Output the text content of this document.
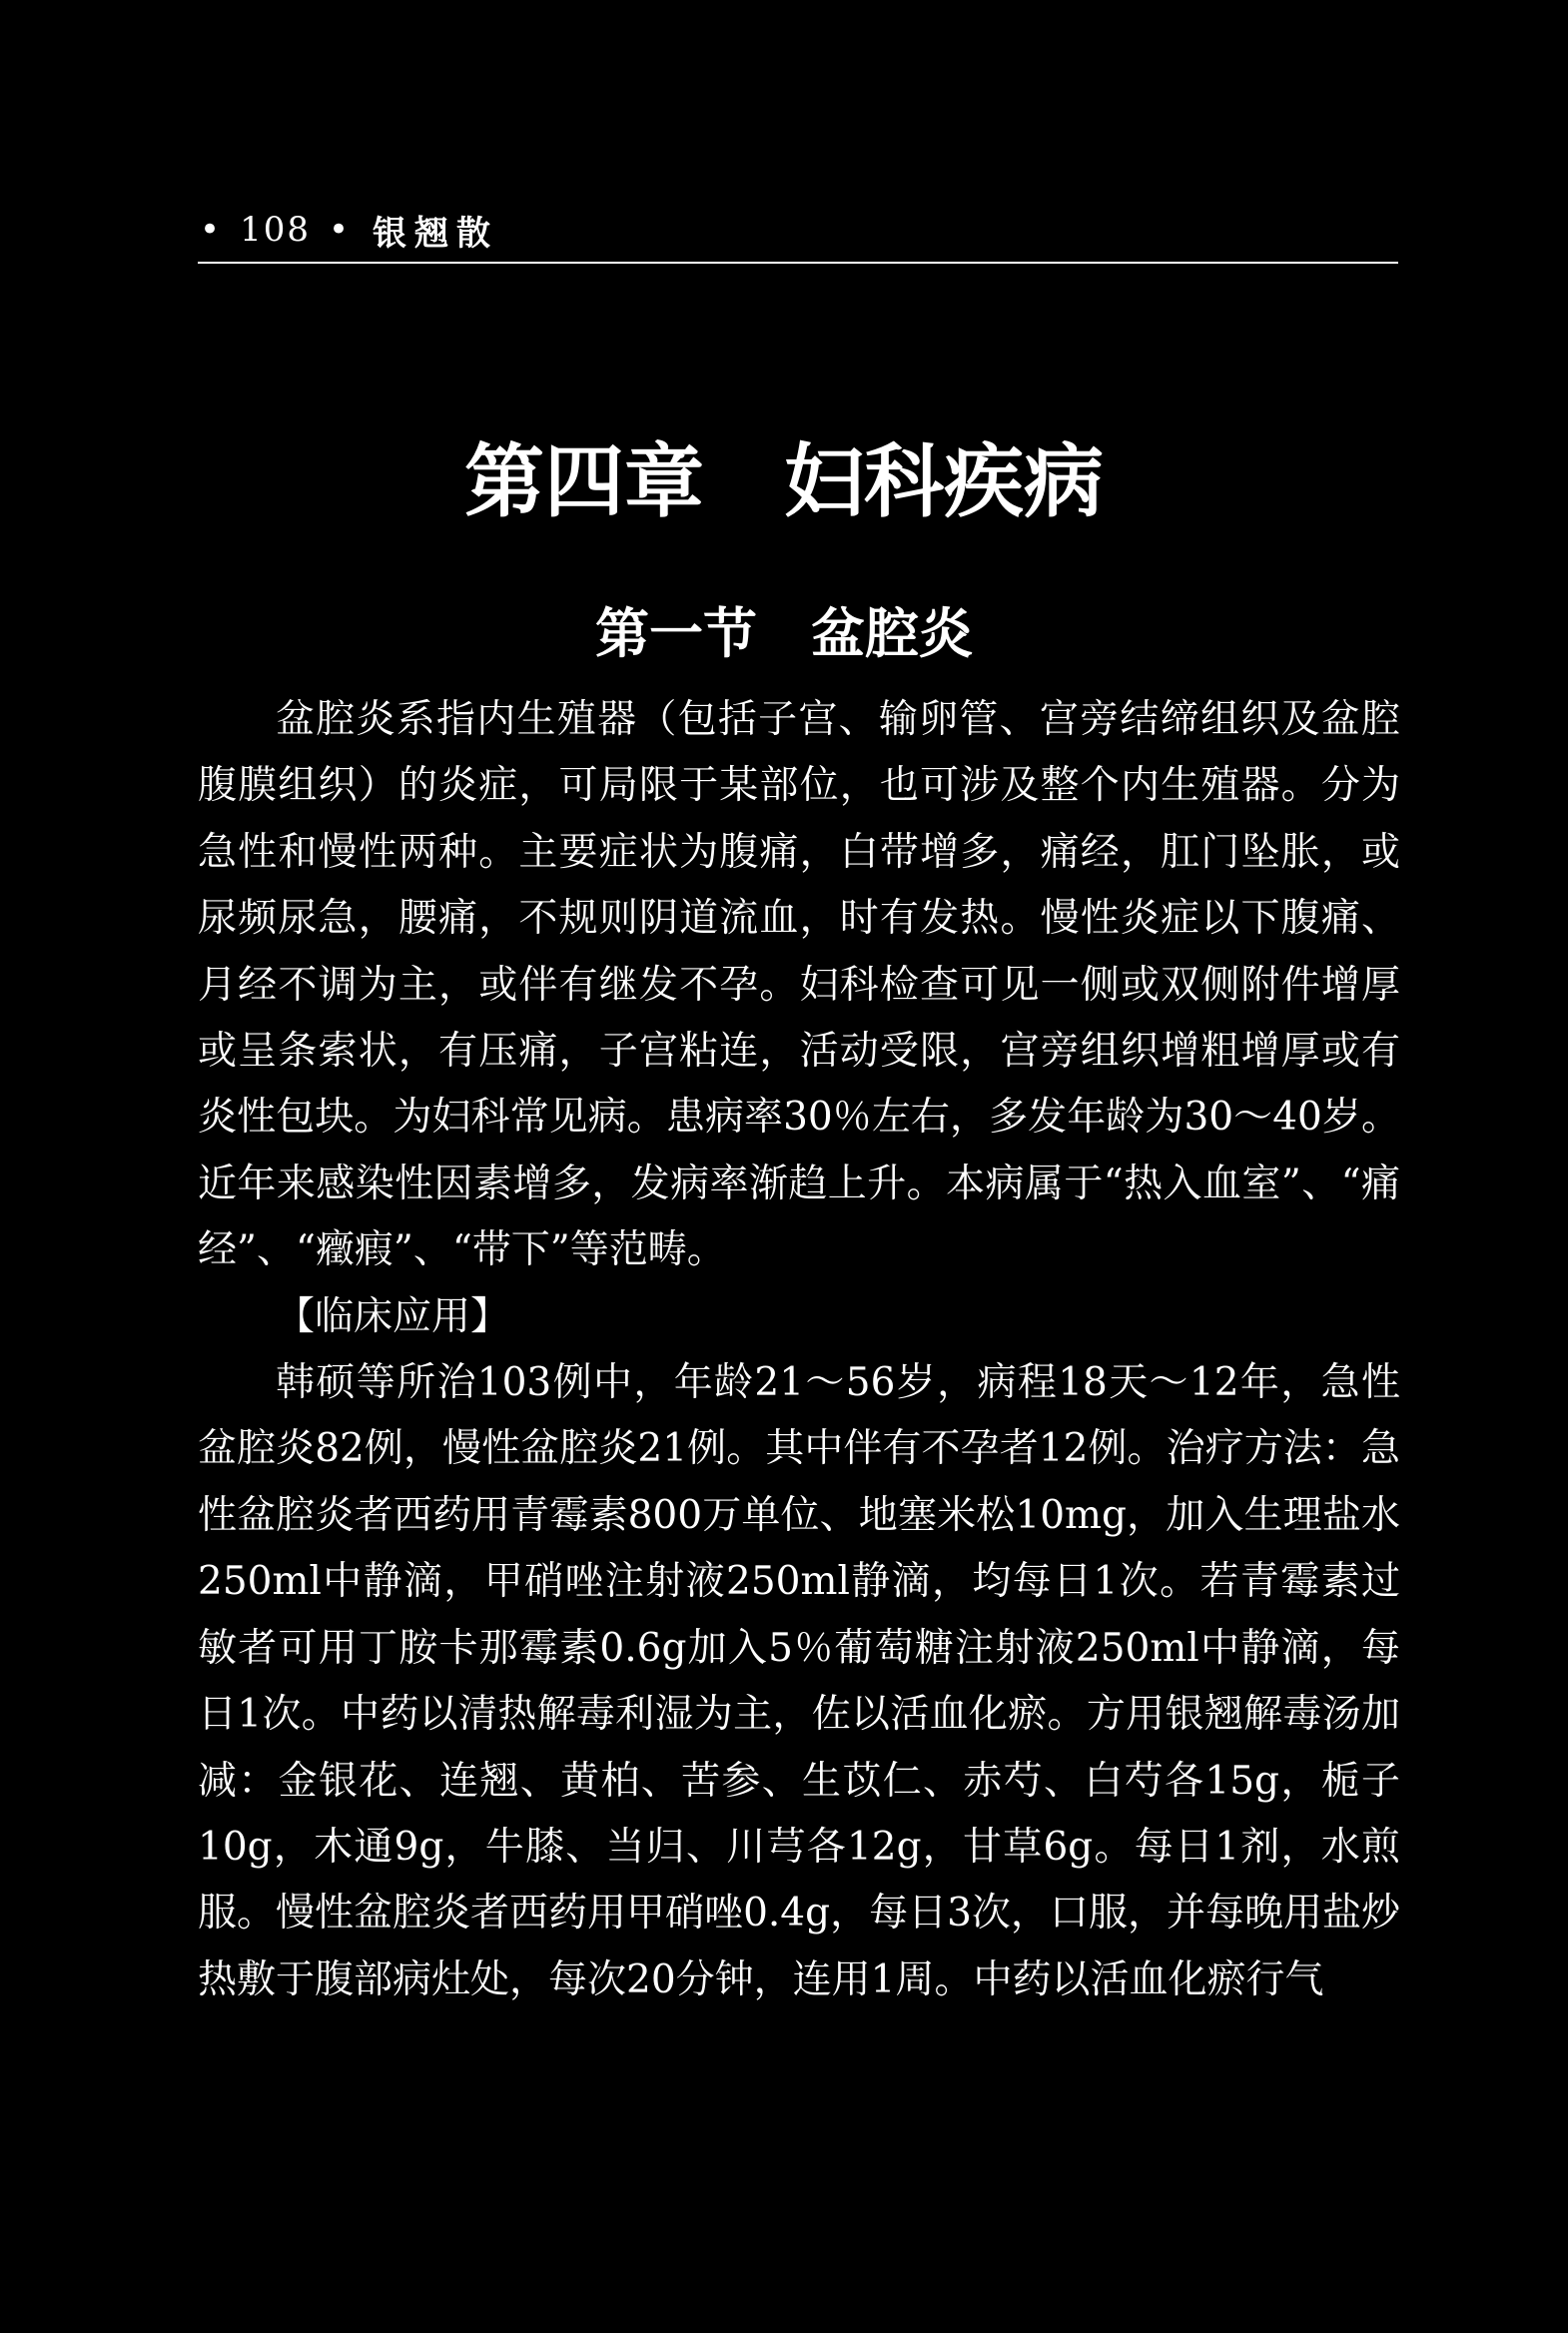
• 108 • 银翘散
第四章　妇科疾病
第一节　盆腔炎

盆腔炎系指内生殖器（包括子宫、输卵管、宫旁结缔组织及盆腔腹膜组织）的炎症，可局限于某部位，也可涉及整个内生殖器。分为急性和慢性两种。主要症状为腹痛，白带增多，痛经，肛门坠胀，或尿频尿急，腰痛，不规则阴道流血，时有发热。慢性炎症以下腹痛、月经不调为主，或伴有继发不孕。妇科检查可见一侧或双侧附件增厚或呈条索状，有压痛，子宫粘连，活动受限，宫旁组织增粗增厚或有炎性包块。为妇科常见病。患病率30％左右，多发年龄为30～40岁。近年来感染性因素增多，发病率渐趋上升。本病属于“热入血室”、“痛经”、“癥瘕”、“带下”等范畴。

【临床应用】

韩硕等所治103例中，年龄21～56岁，病程18天～12年，急性盆腔炎82例，慢性盆腔炎21例。其中伴有不孕者12例。治疗方法：急性盆腔炎者西药用青霉素800万单位、地塞米松10mg，加入生理盐水250ml中静滴，甲硝唑注射液250ml静滴，均每日1次。若青霉素过敏者可用丁胺卡那霉素0.6g加入5％葡萄糖注射液250ml中静滴，每日1次。中药以清热解毒利湿为主，佐以活血化瘀。方用银翘解毒汤加减：金银花、连翘、黄柏、苦参、生苡仁、赤芍、白芍各15g，栀子10g，木通9g，牛膝、当归、川芎各12g，甘草6g。每日1剂，水煎服。慢性盆腔炎者西药用甲硝唑0.4g，每日3次，口服，并每晚用盐炒热敷于腹部病灶处，每次20分钟，连用1周。中药以活血化瘀行气
